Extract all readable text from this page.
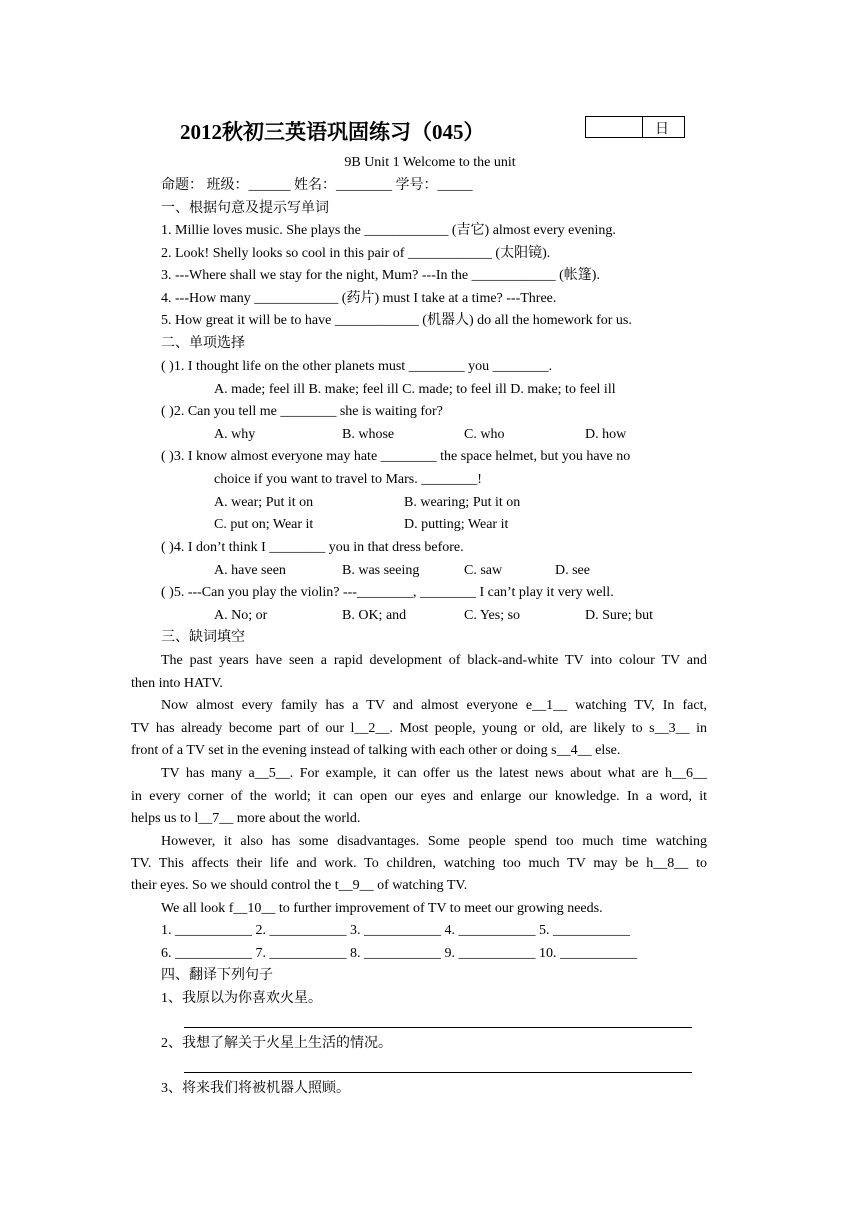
2012秋初三英语巩固练习（045）	日
9B Unit 1 Welcome to the unit
命题： 班级：______ 姓名：________ 学号：_____
一、根据句意及提示写单词
1. Millie loves music. She plays the ____________ (吉它) almost every evening.
2. Look! Shelly looks so cool in this pair of ____________ (太阳镜).
3. ---Where shall we stay for the night, Mum? ---In the ____________ (帐篷).
4. ---How many ____________ (药片) must I take at a time? ---Three.
5. How great it will be to have ____________ (机器人) do all the homework for us.
二、单项选择
( )1. I thought life on the other planets must ________ you ________.
A. made; feel ill B. make; feel ill C. made; to feel ill D. make; to feel ill
( )2. Can you tell me ________ she is waiting for?
A. why	B. whose	C. who	D. how
( )3. I know almost everyone may hate ________ the space helmet, but you have no
choice if you want to travel to Mars. ________!
A. wear; Put it on	B. wearing; Put it on
C. put on; Wear it	D. putting; Wear it
( )4. I don’t think I ________ you in that dress before.
A. have seen	B. was seeing	C. saw	D. see
( )5. ---Can you play the violin? ---________, ________ I can’t play it very well.
A. No; or	B. OK; and	C. Yes; so	D. Sure; but
三、缺词填空
The past years have seen a rapid development of black-and-white TV into colour TV and
then into HATV.
Now almost every family has a TV and almost everyone e__1__ watching TV, In fact,
TV has already become part of our l__2__. Most people, young or old, are likely to s__3__ in
front of a TV set in the evening instead of talking with each other or doing s__4__ else.
TV has many a__5__. For example, it can offer us the latest news about what are h__6__
in every corner of the world; it can open our eyes and enlarge our knowledge. In a word, it
helps us to l__7__ more about the world.
However, it also has some disadvantages. Some people spend too much time watching
TV. This affects their life and work. To children, watching too much TV may be h__8__ to
their eyes. So we should control the t__9__ of watching TV.
We all look f__10__ to further improvement of TV to meet our growing needs.
1. ___________ 2. ___________ 3. ___________ 4. ___________ 5. ___________
6. ___________ 7. ___________ 8. ___________ 9. ___________ 10. ___________
四、翻译下列句子
1、我原以为你喜欢火星。
2、我想了解关于火星上生活的情况。
3、将来我们将被机器人照顾。
